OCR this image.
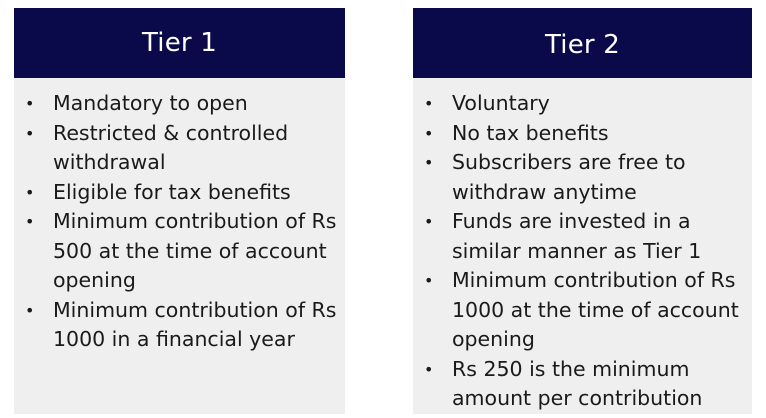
Tier 1
• Mandatory to open
• Restricted & controlled withdrawal
• Eligible for tax benefits
• Minimum contribution of Rs 500 at the time of account opening
• Minimum contribution of Rs 1000 in a financial year
Tier 2
• Voluntary
• No tax benefits
• Subscribers are free to withdraw anytime
• Funds are invested in a similar manner as Tier 1
• Minimum contribution of Rs 1000 at the time of account opening
• Rs 250 is the minimum amount per contribution
